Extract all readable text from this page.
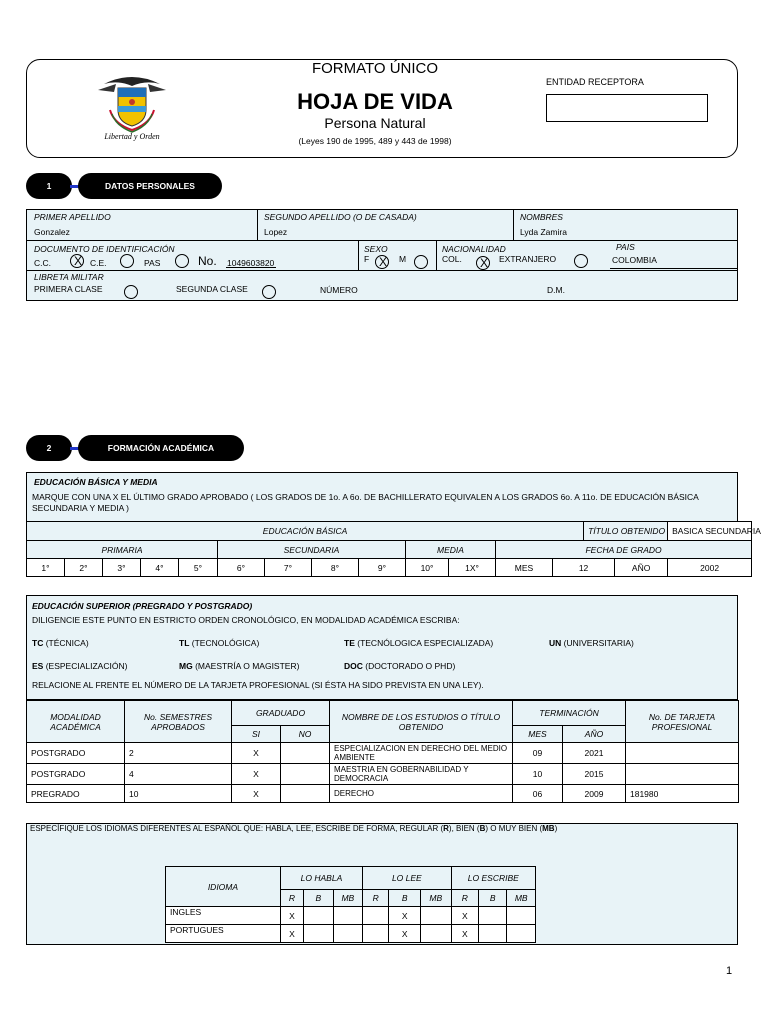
Libertad y Orden
FORMATO ÚNICO
HOJA DE VIDA
Persona Natural
(Leyes 190 de 1995, 489 y 443 de 1998)
ENTIDAD RECEPTORA
1	DATOS PERSONALES
PRIMER APELLIDO
Gonzalez
SEGUNDO APELLIDO (O DE CASADA)
Lopez
NOMBRES
Lyda Zamira
DOCUMENTO DE IDENTIFICACIÓN
C.C. X	C.E.	PAS	No. 1049603820
SEXO
F X	M
NACIONALIDAD
COL. X	EXTRANJERO
PAIS
COLOMBIA
LIBRETA MILITAR
PRIMERA CLASE	SEGUNDA CLASE	NÚMERO	D.M.
2	FORMACIÓN ACADÉMICA
EDUCACIÓN BÁSICA Y MEDIA
MARQUE CON UNA X EL ÚLTIMO GRADO APROBADO ( LOS GRADOS DE 1o. A 6o. DE BACHILLERATO EQUIVALEN A LOS GRADOS 6o. A 11o. DE EDUCACIÓN BÁSICA SECUNDARIA Y MEDIA )
EDUCACIÓN BÁSICA													TÍTULO OBTENIDO		BASICA SECUNDARIA
PRIMARIA					SECUNDARIA				MEDIA		FECHA DE GRADO				
1°	2°	3°	4°	5°	6°	7°	8°	9°	10°	1X°	MES	12		AÑO	2002
EDUCACIÓN SUPERIOR (PREGRADO Y POSTGRADO)
DILIGENCIE ESTE PUNTO EN ESTRICTO ORDEN CRONOLÓGICO, EN MODALIDAD ACADÉMICA ESCRIBA:
TC (TÉCNICA)	TL (TECNOLÓGICA)	TE (TECNÓLOGICA ESPECIALIZADA)	UN (UNIVERSITARIA)
ES (ESPECIALIZACIÓN)	MG (MAESTRÍA O MAGISTER)	DOC (DOCTORADO O PHD)
RELACIONE AL FRENTE EL NÚMERO DE LA TARJETA PROFESIONAL (SI ÉSTA HA SIDO PREVISTA EN UNA LEY).
MODALIDAD ACADÉMICA	No. SEMESTRES APROBADOS	GRADUADO		NOMBRE DE LOS ESTUDIOS O TÍTULO OBTENIDO	TERMINACIÓN		No. DE TARJETA PROFESIONAL
		SI	NO		MES	AÑO	
POSTGRADO	2	X		ESPECIALIZACION EN DERECHO DEL MEDIO AMBIENTE	09	2021	
POSTGRADO	4	X		MAESTRIA EN GOBERNABILIDAD Y DEMOCRACIA	10	2015	
PREGRADO	10	X		DERECHO	06	2009	181980
ESPECÍFIQUE LOS IDIOMAS DIFERENTES AL ESPAÑOL QUE: HABLA, LEE, ESCRIBE DE FORMA, REGULAR (R), BIEN (B) O MUY BIEN (MB)
IDIOMA	LO HABLA			LO LEE			LO ESCRIBE		
	R	B	MB	R	B	MB	R	B	MB
INGLES	X				X		X		
PORTUGUES	X				X		X		
1
